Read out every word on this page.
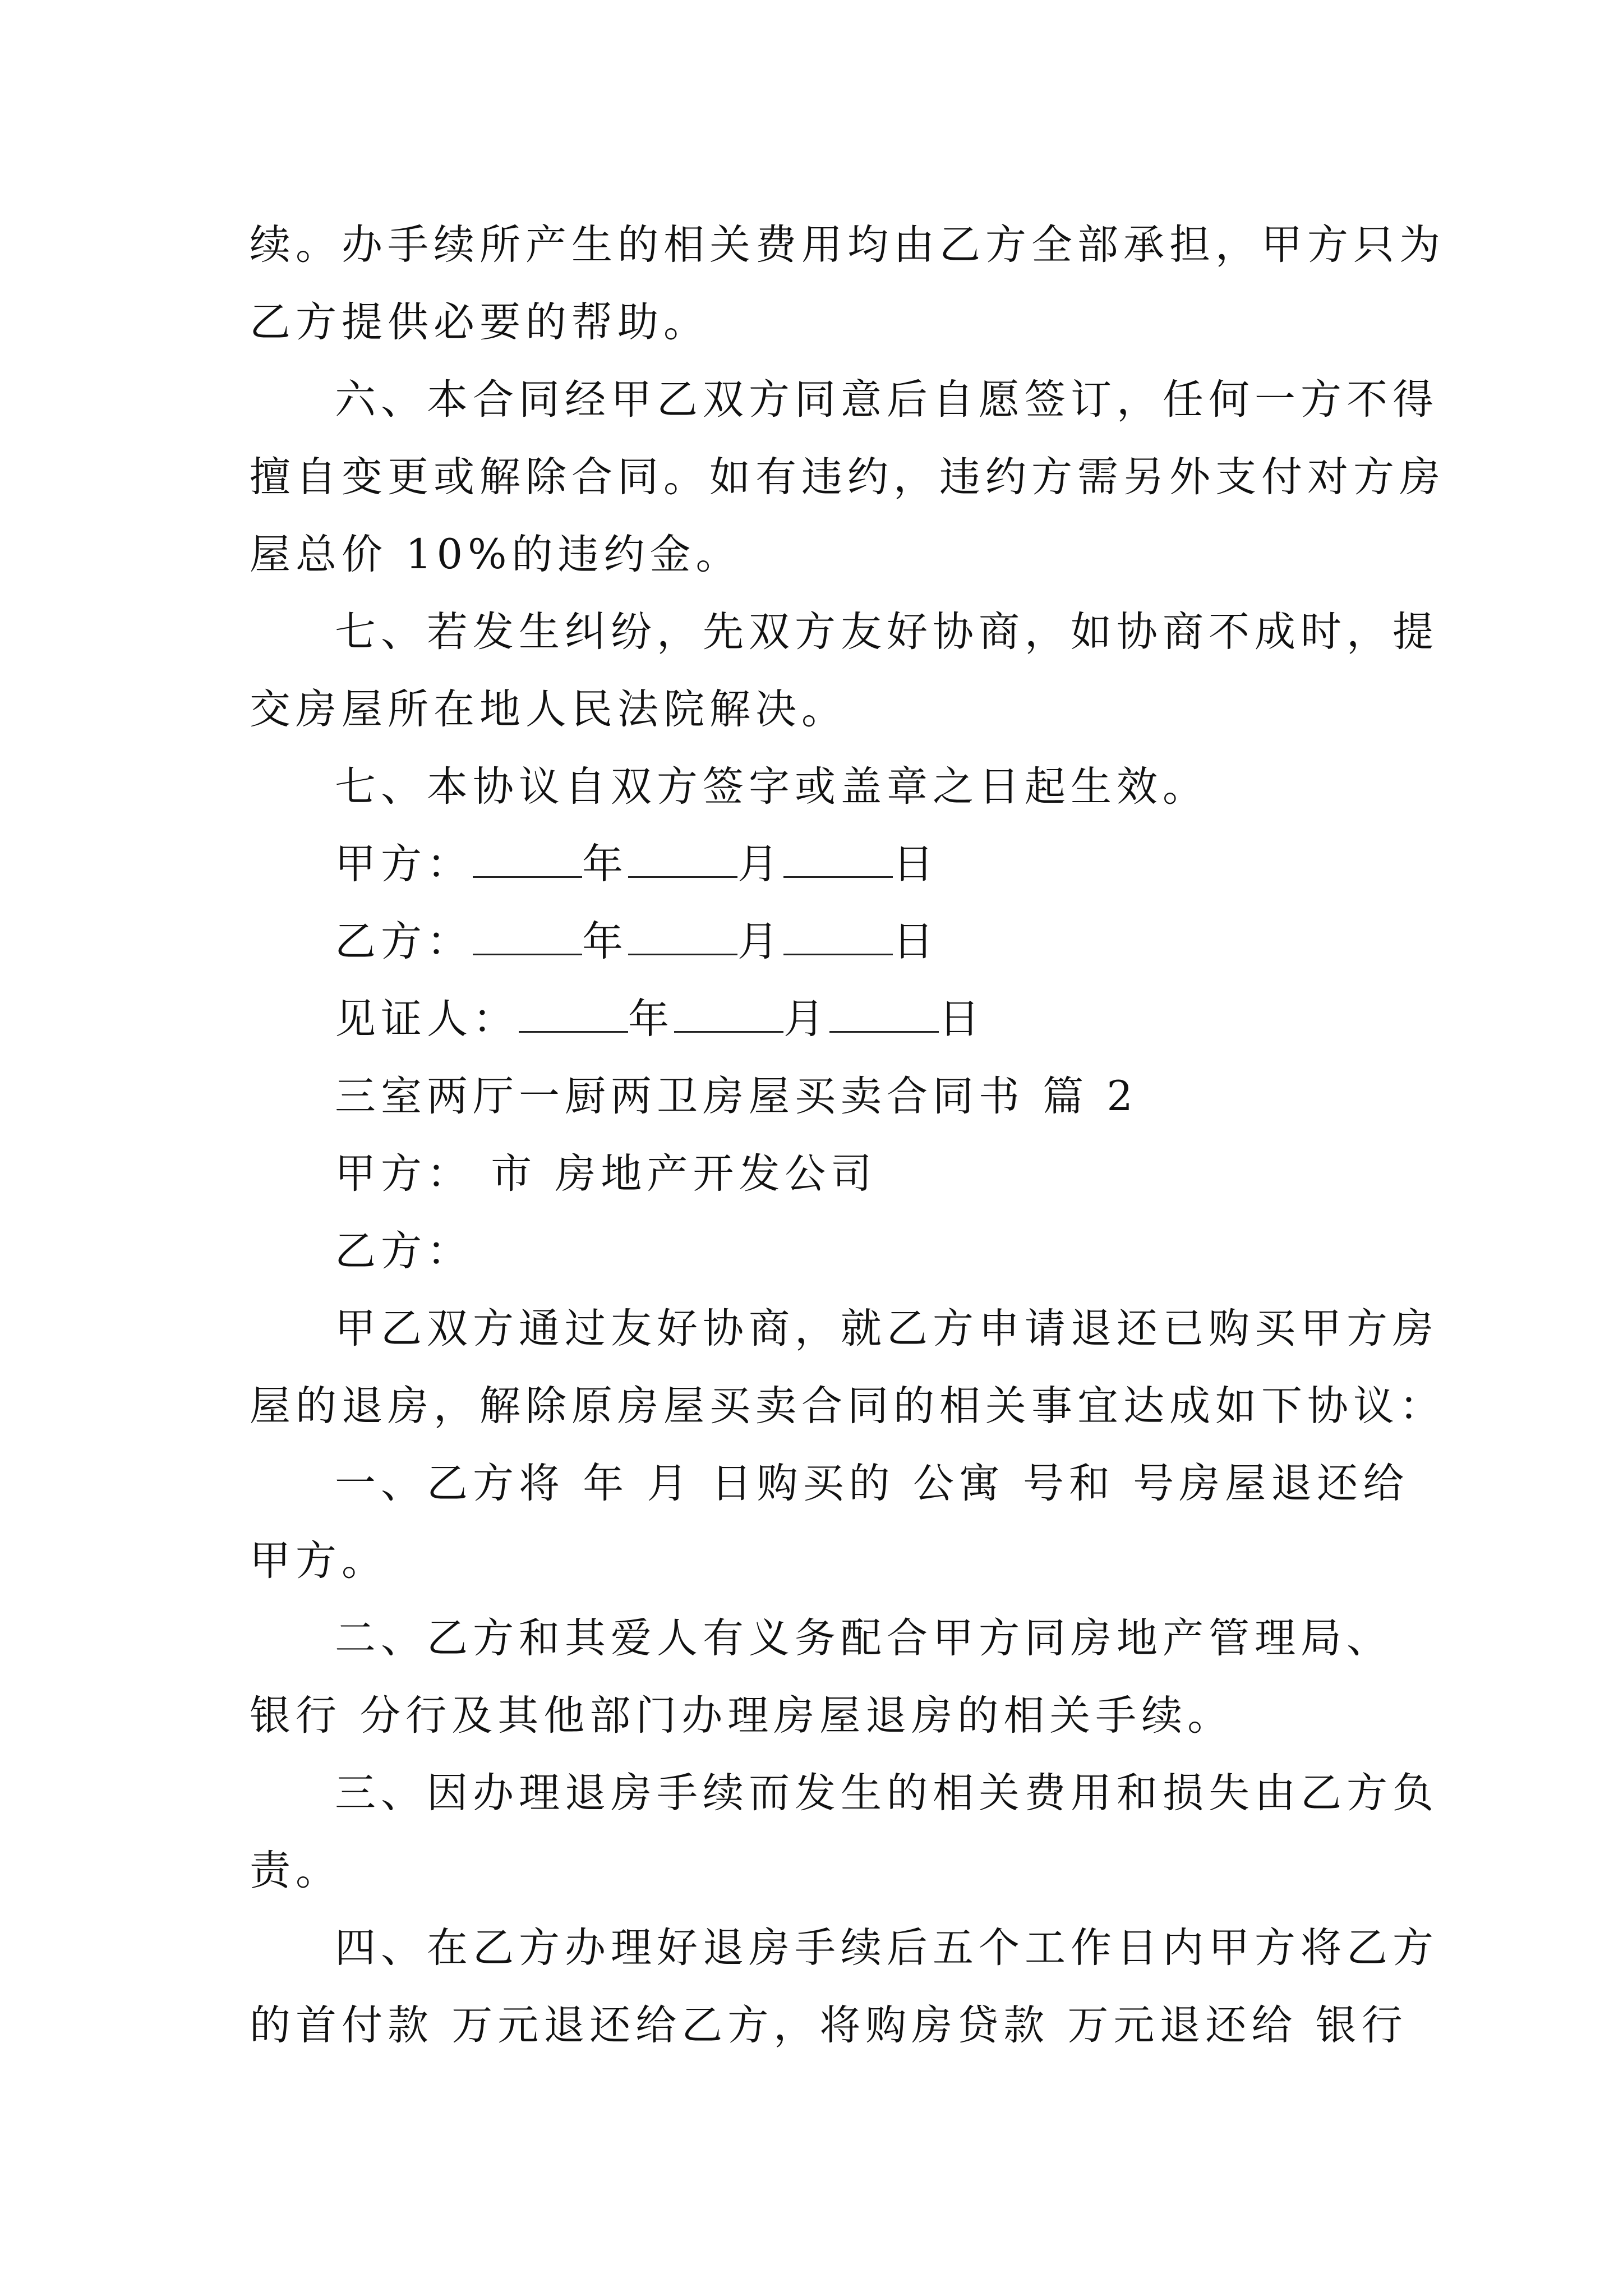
续。办手续所产生的相关费用均由乙方全部承担，甲方只为

乙方提供必要的帮助。

六、本合同经甲乙双方同意后自愿签订，任何一方不得

擅自变更或解除合同。如有违约，违约方需另外支付对方房

屋总价 10%的违约金。

七、若发生纠纷，先双方友好协商，如协商不成时，提

交房屋所在地人民法院解决。

七、本协议自双方签字或盖章之日起生效。

甲方：	年	月	日

乙方：	年	月	日

见证人：	年	月	日

三室两厅一厨两卫房屋买卖合同书 篇 2

甲方： 市 房地产开发公司

乙方：

甲乙双方通过友好协商，就乙方申请退还已购买甲方房

屋的退房，解除原房屋买卖合同的相关事宜达成如下协议：

一、乙方将 年 月 日购买的 公寓 号和 号房屋退还给

甲方。

二、乙方和其爱人有义务配合甲方同房地产管理局、

银行 分行及其他部门办理房屋退房的相关手续。

三、因办理退房手续而发生的相关费用和损失由乙方负

责。

四、在乙方办理好退房手续后五个工作日内甲方将乙方

的首付款 万元退还给乙方，将购房贷款 万元退还给 银行
